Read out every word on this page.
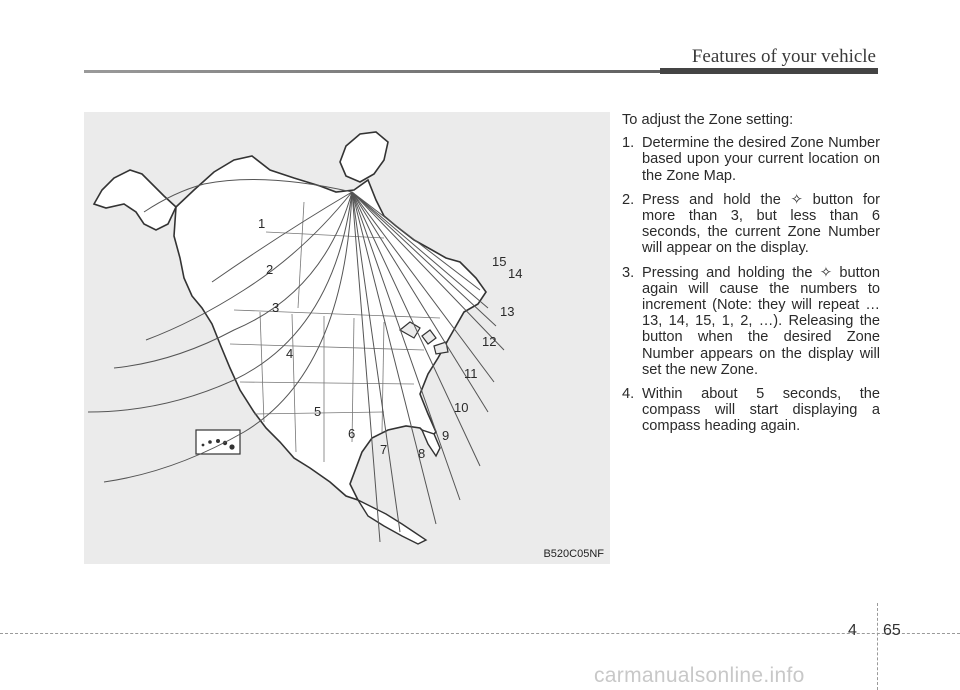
Features of your vehicle
1
2
3
4
5
6
7 8
9
10
11
12
13
14
15
B520C05NF

To adjust the Zone setting:

1. Determine the desired Zone Number based upon your current location on the Zone Map.
2. Press and hold the ✧ button for more than 3, but less than 6 seconds, the current Zone Number will appear on the display.
3. Pressing and holding the ✧ button again will cause the numbers to increment (Note: they will repeat …13, 14, 15, 1, 2, …). Releasing the button when the desired Zone Number appears on the display will set the new Zone.
4. Within about 5 seconds, the compass will start displaying a compass heading again.
4 65
carmanualsonline.info
